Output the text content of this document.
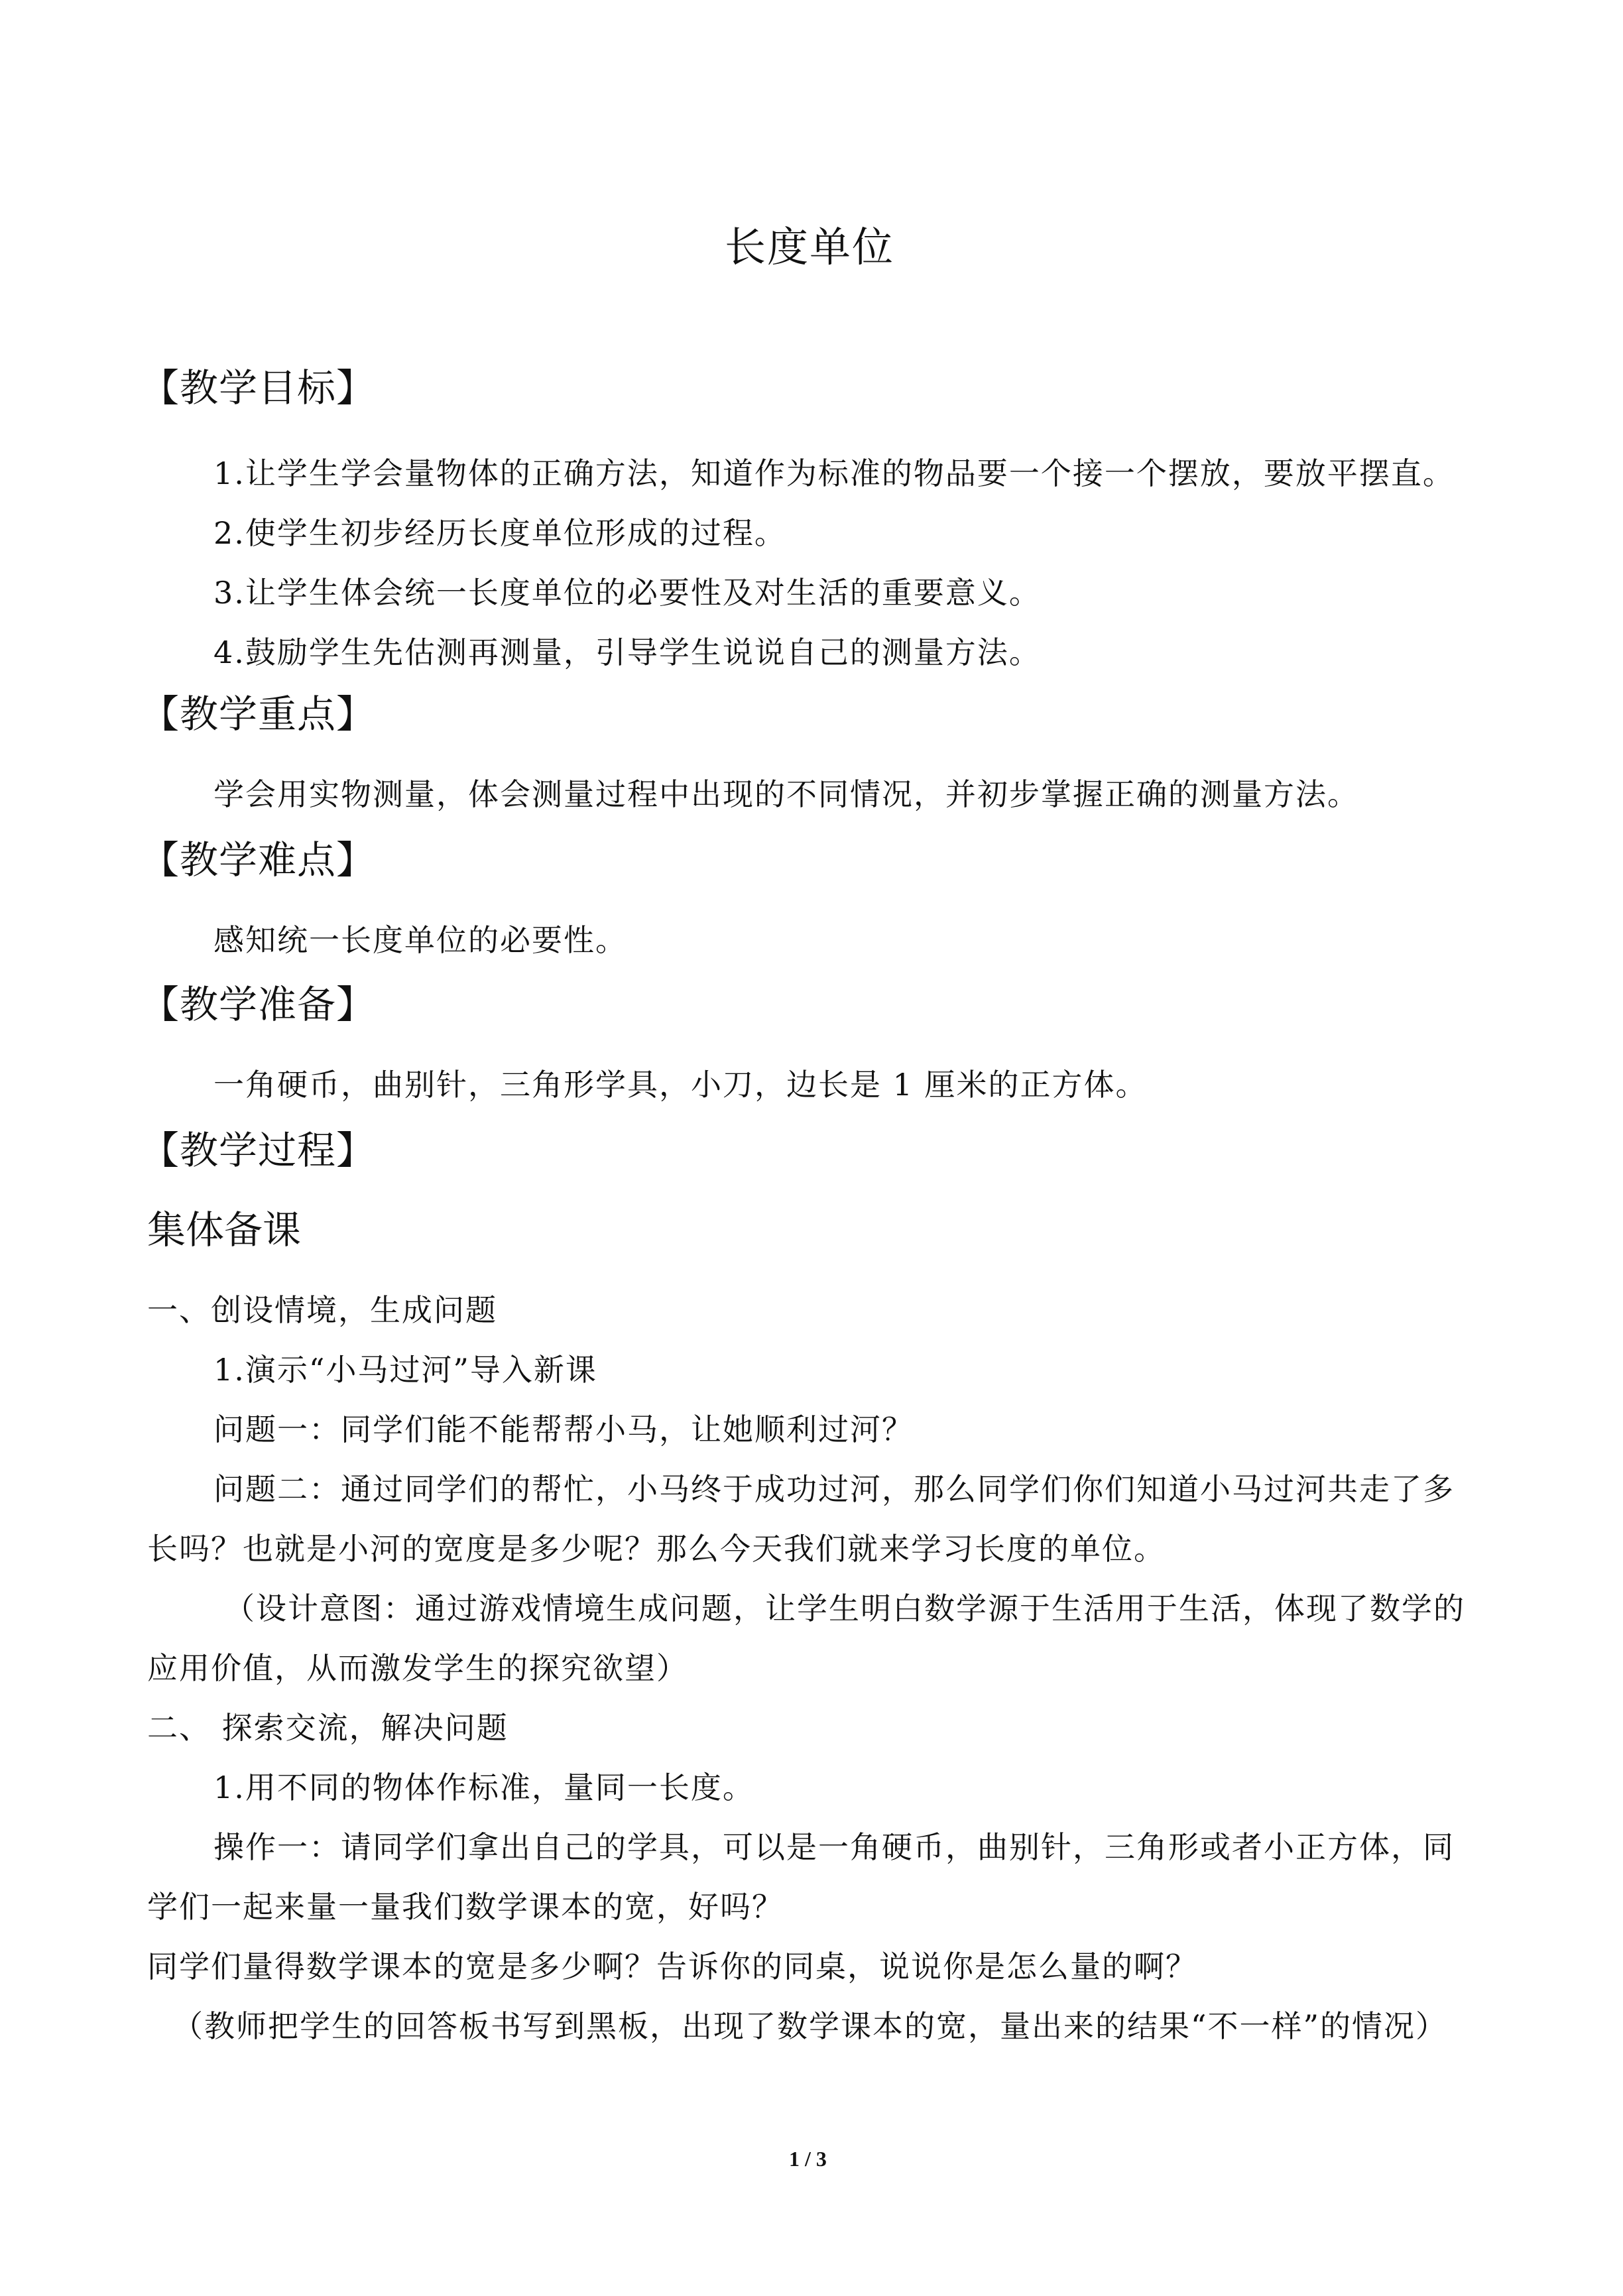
长度单位
【教学目标】
1.让学生学会量物体的正确方法，知道作为标准的物品要一个接一个摆放，要放平摆直。
2.使学生初步经历长度单位形成的过程。
3.让学生体会统一长度单位的必要性及对生活的重要意义。
4.鼓励学生先估测再测量，引导学生说说自己的测量方法。
【教学重点】
学会用实物测量，体会测量过程中出现的不同情况，并初步掌握正确的测量方法。
【教学难点】
感知统一长度单位的必要性。
【教学准备】
一角硬币，曲别针，三角形学具，小刀，边长是 1 厘米的正方体。
【教学过程】
集体备课
一、创设情境，生成问题
1.演示“小马过河”导入新课
问题一：同学们能不能帮帮小马，让她顺利过河？
问题二：通过同学们的帮忙，小马终于成功过河，那么同学们你们知道小马过河共走了多
长吗？也就是小河的宽度是多少呢？那么今天我们就来学习长度的单位。
（设计意图：通过游戏情境生成问题，让学生明白数学源于生活用于生活，体现了数学的
应用价值，从而激发学生的探究欲望）
二、 探索交流，解决问题
1.用不同的物体作标准，量同一长度。
操作一：请同学们拿出自己的学具，可以是一角硬币，曲别针，三角形或者小正方体，同
学们一起来量一量我们数学课本的宽，好吗？
同学们量得数学课本的宽是多少啊？告诉你的同桌，说说你是怎么量的啊？
（教师把学生的回答板书写到黑板，出现了数学课本的宽，量出来的结果“不一样”的情况）
1 / 3
